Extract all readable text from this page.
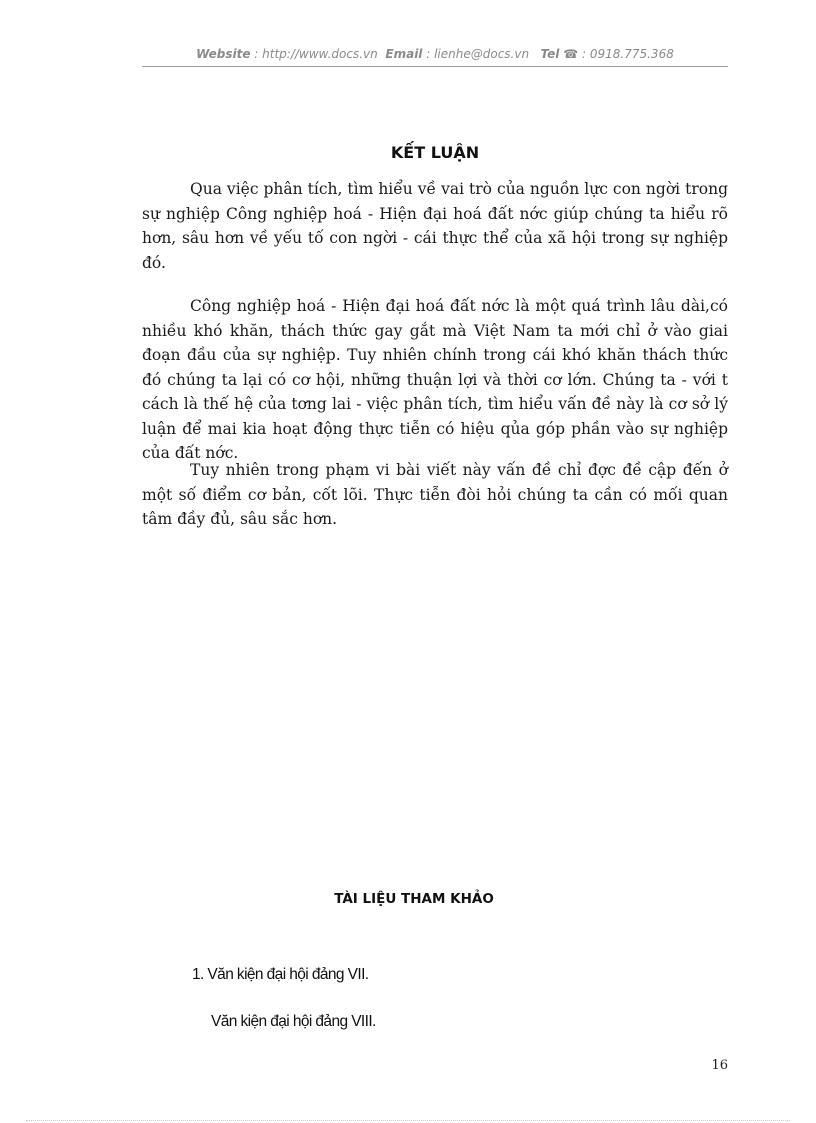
Website : http://www.docs.vn Email : lienhe@docs.vn Tel ☎ : 0918.775.368
KẾT LUẬN

Qua việc phân tích, tìm hiểu về vai trò của nguồn lực con ngời trong sự nghiệp Công nghiệp hoá - Hiện đại hoá đất nớc giúp chúng ta hiểu rõ hơn, sâu hơn về yếu tố con ngời - cái thực thể của xã hội trong sự nghiệp đó.

Công nghiệp hoá - Hiện đại hoá đất nớc là một quá trình lâu dài,có nhiều khó khăn, thách thức gay gắt mà Việt Nam ta mới chỉ ở vào giai đoạn đầu của sự nghiệp. Tuy nhiên chính trong cái khó khăn thách thức đó chúng ta lại có cơ hội, những thuận lợi và thời cơ lớn. Chúng ta - với t cách là thế hệ của tơng lai - việc phân tích, tìm hiểu vấn đề này là cơ sở lý luận để mai kia hoạt động thực tiễn có hiệu qủa góp phần vào sự nghiệp của đất nớc.

Tuy nhiên trong phạm vi bài viết này vấn đề chỉ đợc đề cập đến ở một số điểm cơ bản, cốt lõi. Thực tiễn đòi hỏi chúng ta cần có mối quan tâm đầy đủ, sâu sắc hơn.

TÀI LIỆU THAM KHẢO
1. Văn kiện đại hội đảng VII.
Văn kiện đại hội đảng VIII.
16
